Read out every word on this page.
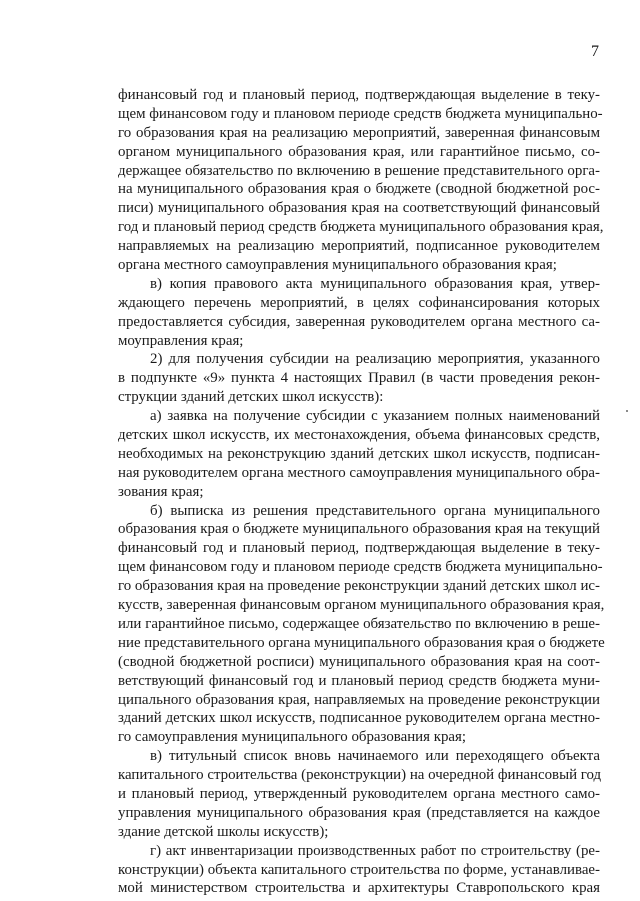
7
финансовый год и плановый период, подтверждающая выделение в теку-
щем финансовом году и плановом периоде средств бюджета муниципально-
го образования края на реализацию мероприятий, заверенная финансовым
органом муниципального образования края, или гарантийное письмо, со-
держащее обязательство по включению в решение представительного орга-
на муниципального образования края о бюджете (сводной бюджетной рос-
писи) муниципального образования края на соответствующий финансовый
год и плановый период средств бюджета муниципального образования края,
направляемых на реализацию мероприятий, подписанное руководителем
органа местного самоуправления муниципального образования края;
в) копия правового акта муниципального образования края, утвер-
ждающего перечень мероприятий, в целях софинансирования которых
предоставляется субсидия, заверенная руководителем органа местного са-
моуправления края;
2) для получения субсидии на реализацию мероприятия, указанного
в подпункте «9» пункта 4 настоящих Правил (в части проведения рекон-
струкции зданий детских школ искусств):
а) заявка на получение субсидии с указанием полных наименований
детских школ искусств, их местонахождения, объема финансовых средств,
необходимых на реконструкцию зданий детских школ искусств, подписан-
ная руководителем органа местного самоуправления муниципального обра-
зования края;
б) выписка из решения представительного органа муниципального
образования края о бюджете муниципального образования края на текущий
финансовый год и плановый период, подтверждающая выделение в теку-
щем финансовом году и плановом периоде средств бюджета муниципально-
го образования края на проведение реконструкции зданий детских школ ис-
кусств, заверенная финансовым органом муниципального образования края,
или гарантийное письмо, содержащее обязательство по включению в реше-
ние представительного органа муниципального образования края о бюджете
(сводной бюджетной росписи) муниципального образования края на соот-
ветствующий финансовый год и плановый период средств бюджета муни-
ципального образования края, направляемых на проведение реконструкции
зданий детских школ искусств, подписанное руководителем органа местно-
го самоуправления муниципального образования края;
в) титульный список вновь начинаемого или переходящего объекта
капитального строительства (реконструкции) на очередной финансовый год
и плановый период, утвержденный руководителем органа местного само-
управления муниципального образования края (представляется на каждое
здание детской школы искусств);
г) акт инвентаризации производственных работ по строительству (ре-
конструкции) объекта капитального строительства по форме, устанавливае-
мой министерством строительства и архитектуры Ставропольского края
